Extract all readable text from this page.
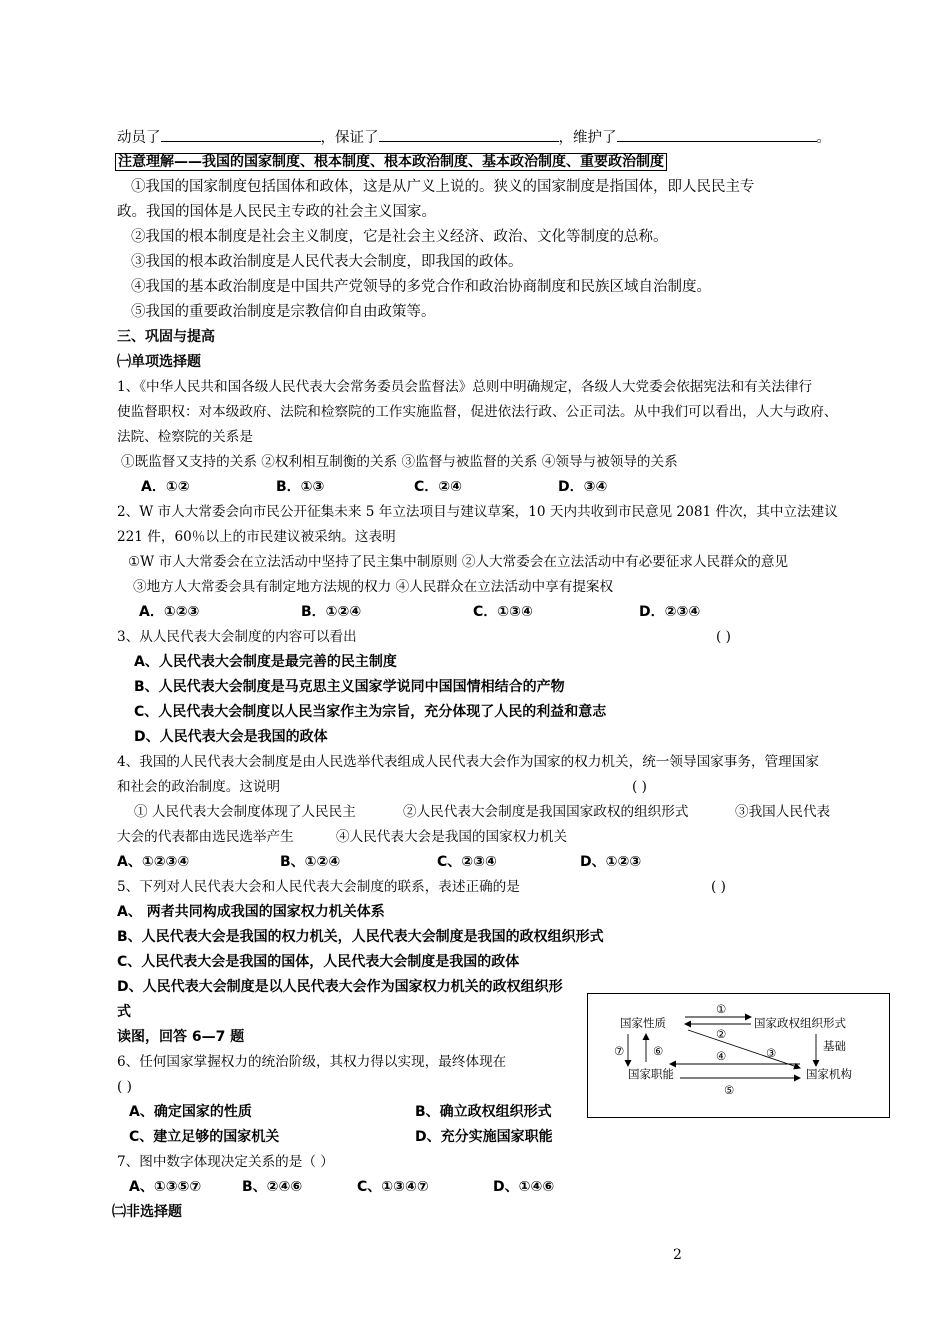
动员了	，保证了	，维护了	。
注意理解——我国的国家制度、根本制度、根本政治制度、基本政治制度、重要政治制度
①我国的国家制度包括国体和政体，这是从广义上说的。狭义的国家制度是指国体，即人民民主专
政。我国的国体是人民民主专政的社会主义国家。
②我国的根本制度是社会主义制度，它是社会主义经济、政治、文化等制度的总称。
③我国的根本政治制度是人民代表大会制度，即我国的政体。
④我国的基本政治制度是中国共产党领导的多党合作和政治协商制度和民族区域自治制度。
⑤我国的重要政治制度是宗教信仰自由政策等。
三、巩固与提高
㈠单项选择题
1、《中华人民共和国各级人民代表大会常务委员会监督法》总则中明确规定，各级人大党委会依据宪法和有关法律行
使监督职权：对本级政府、法院和检察院的工作实施监督，促进依法行政、公正司法。从中我们可以看出，人大与政府、
法院、检察院的关系是
①既监督又支持的关系 ②权利相互制衡的关系 ③监督与被监督的关系 ④领导与被领导的关系
A．①②	B．①③	C．②④	D．③④
2、W 市人大常委会向市民公开征集未来 5 年立法项目与建议草案，10 天内共收到市民意见 2081 件次，其中立法建议
221 件，60％以上的市民建议被采纳。这表明
①W 市人大常委会在立法活动中坚持了民主集中制原则 ②人大常委会在立法活动中有必要征求人民群众的意见
③地方人大常委会具有制定地方法规的权力 ④人民群众在立法活动中享有提案权
A．①②③	B．①②④	C．①③④	D．②③④
3、从人民代表大会制度的内容可以看出	( )
A、人民代表大会制度是最完善的民主制度
B、人民代表大会制度是马克思主义国家学说同中国国情相结合的产物
C、人民代表大会制度以人民当家作主为宗旨，充分体现了人民的利益和意志
D、人民代表大会是我国的政体
4、我国的人民代表大会制度是由人民选举代表组成人民代表大会作为国家的权力机关，统一领导国家事务，管理国家
和社会的政治制度。这说明	( )
① 人民代表大会制度体现了人民民主	②人民代表大会制度是我国国家政权的组织形式	③我国人民代表
大会的代表都由选民选举产生	④人民代表大会是我国的国家权力机关
A、①②③④	B、①②④	C、②③④	D、①②③
5、下列对人民代表大会和人民代表大会制度的联系，表述正确的是	( )
A、 两者共同构成我国的国家权力机关体系
B、人民代表大会是我国的权力机关，人民代表大会制度是我国的政权组织形式
C、人民代表大会是我国的国体，人民代表大会制度是我国的政体
D、人民代表大会制度是以人民代表大会作为国家权力机关的政权组织形
式
读图，回答 6—7 题
6、任何国家掌握权力的统治阶级，其权力得以实现，最终体现在
( )
A、确定国家的性质	B、确立政权组织形式
C、建立足够的国家机关	D、充分实施国家职能
7、图中数字体现决定关系的是（ ）
A、①③⑤⑦	B、②④⑥	C、①③④⑦	D、①④⑥
㈡非选择题
国家性质	国家政权组织形式
国家职能	国家机构
基础
①
②
③
④
⑤
⑥
⑦
2
